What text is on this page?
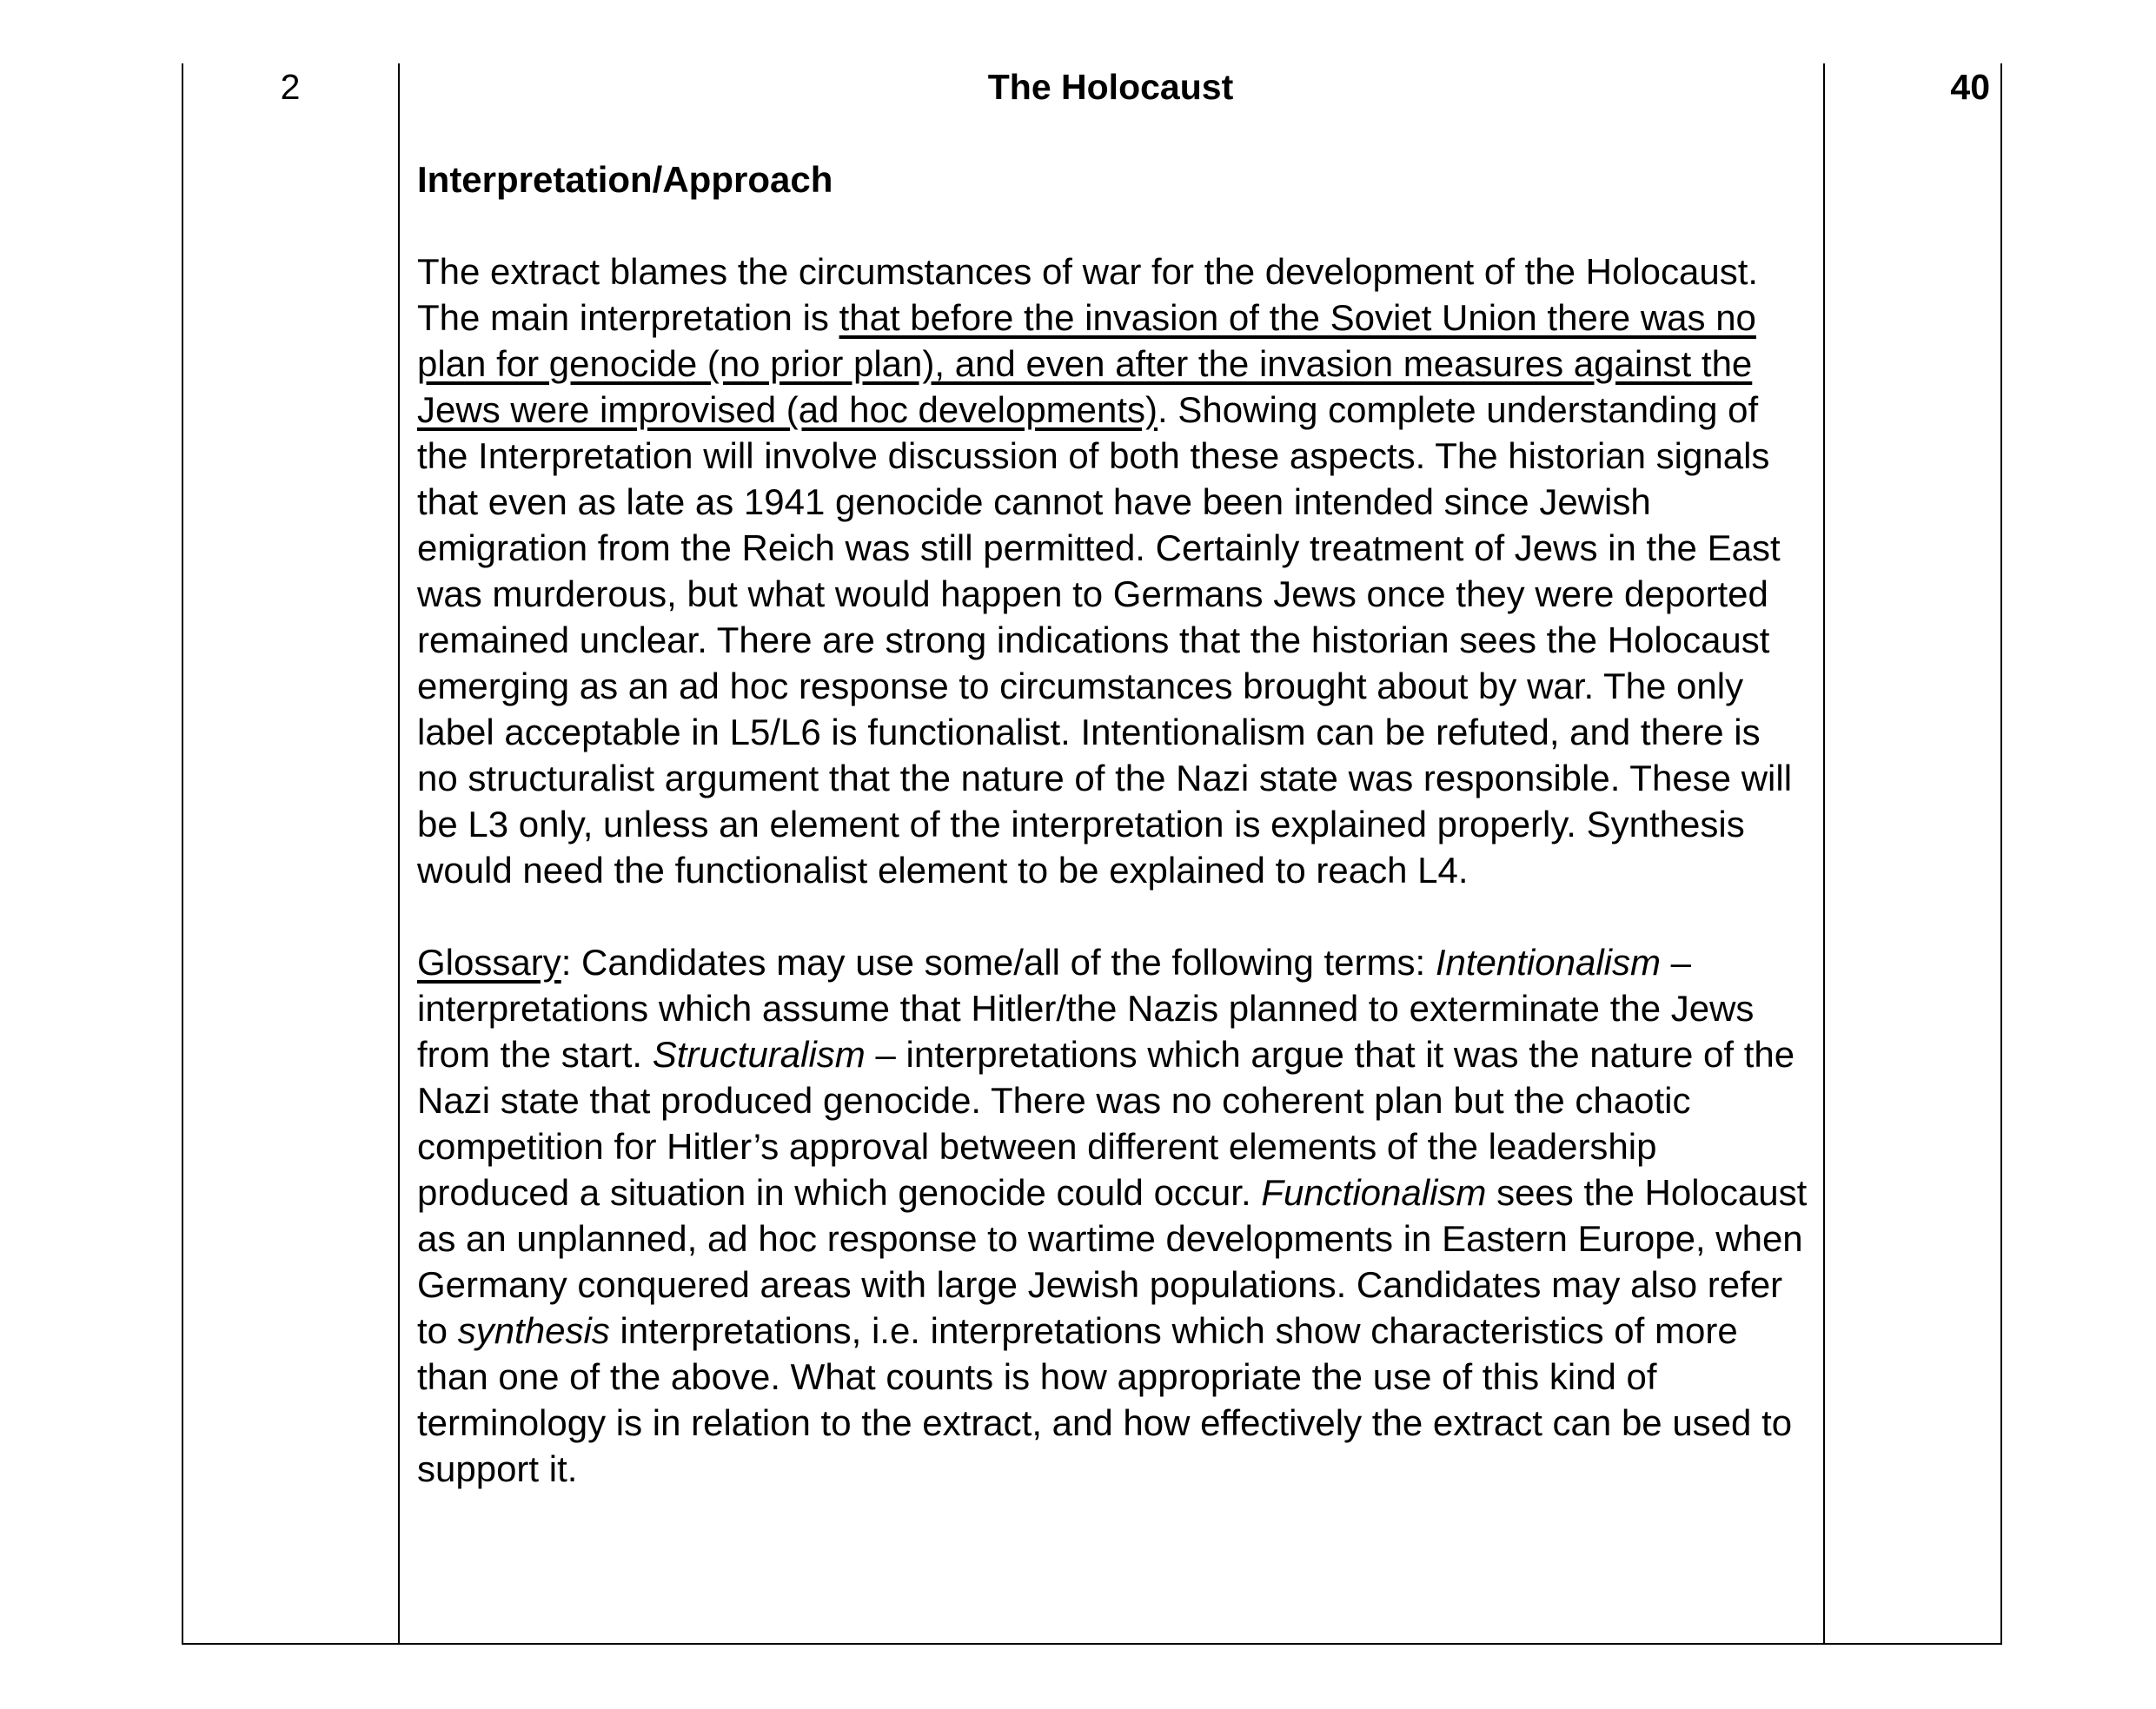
2	The Holocaust	40

Interpretation/Approach

The extract blames the circumstances of war for the development of the Holocaust. The main interpretation is that before the invasion of the Soviet Union there was no plan for genocide (no prior plan), and even after the invasion measures against the Jews were improvised (ad hoc developments). Showing complete understanding of the Interpretation will involve discussion of both these aspects. The historian signals that even as late as 1941 genocide cannot have been intended since Jewish emigration from the Reich was still permitted. Certainly treatment of Jews in the East was murderous, but what would happen to Germans Jews once they were deported remained unclear. There are strong indications that the historian sees the Holocaust emerging as an ad hoc response to circumstances brought about by war. The only label acceptable in L5/L6 is functionalist. Intentionalism can be refuted, and there is no structuralist argument that the nature of the Nazi state was responsible. These will be L3 only, unless an element of the interpretation is explained properly. Synthesis would need the functionalist element to be explained to reach L4.

Glossary: Candidates may use some/all of the following terms: Intentionalism – interpretations which assume that Hitler/the Nazis planned to exterminate the Jews from the start. Structuralism – interpretations which argue that it was the nature of the Nazi state that produced genocide. There was no coherent plan but the chaotic competition for Hitler’s approval between different elements of the leadership produced a situation in which genocide could occur. Functionalism sees the Holocaust as an unplanned, ad hoc response to wartime developments in Eastern Europe, when Germany conquered areas with large Jewish populations. Candidates may also refer to synthesis interpretations, i.e. interpretations which show characteristics of more than one of the above. What counts is how appropriate the use of this kind of terminology is in relation to the extract, and how effectively the extract can be used to support it.
